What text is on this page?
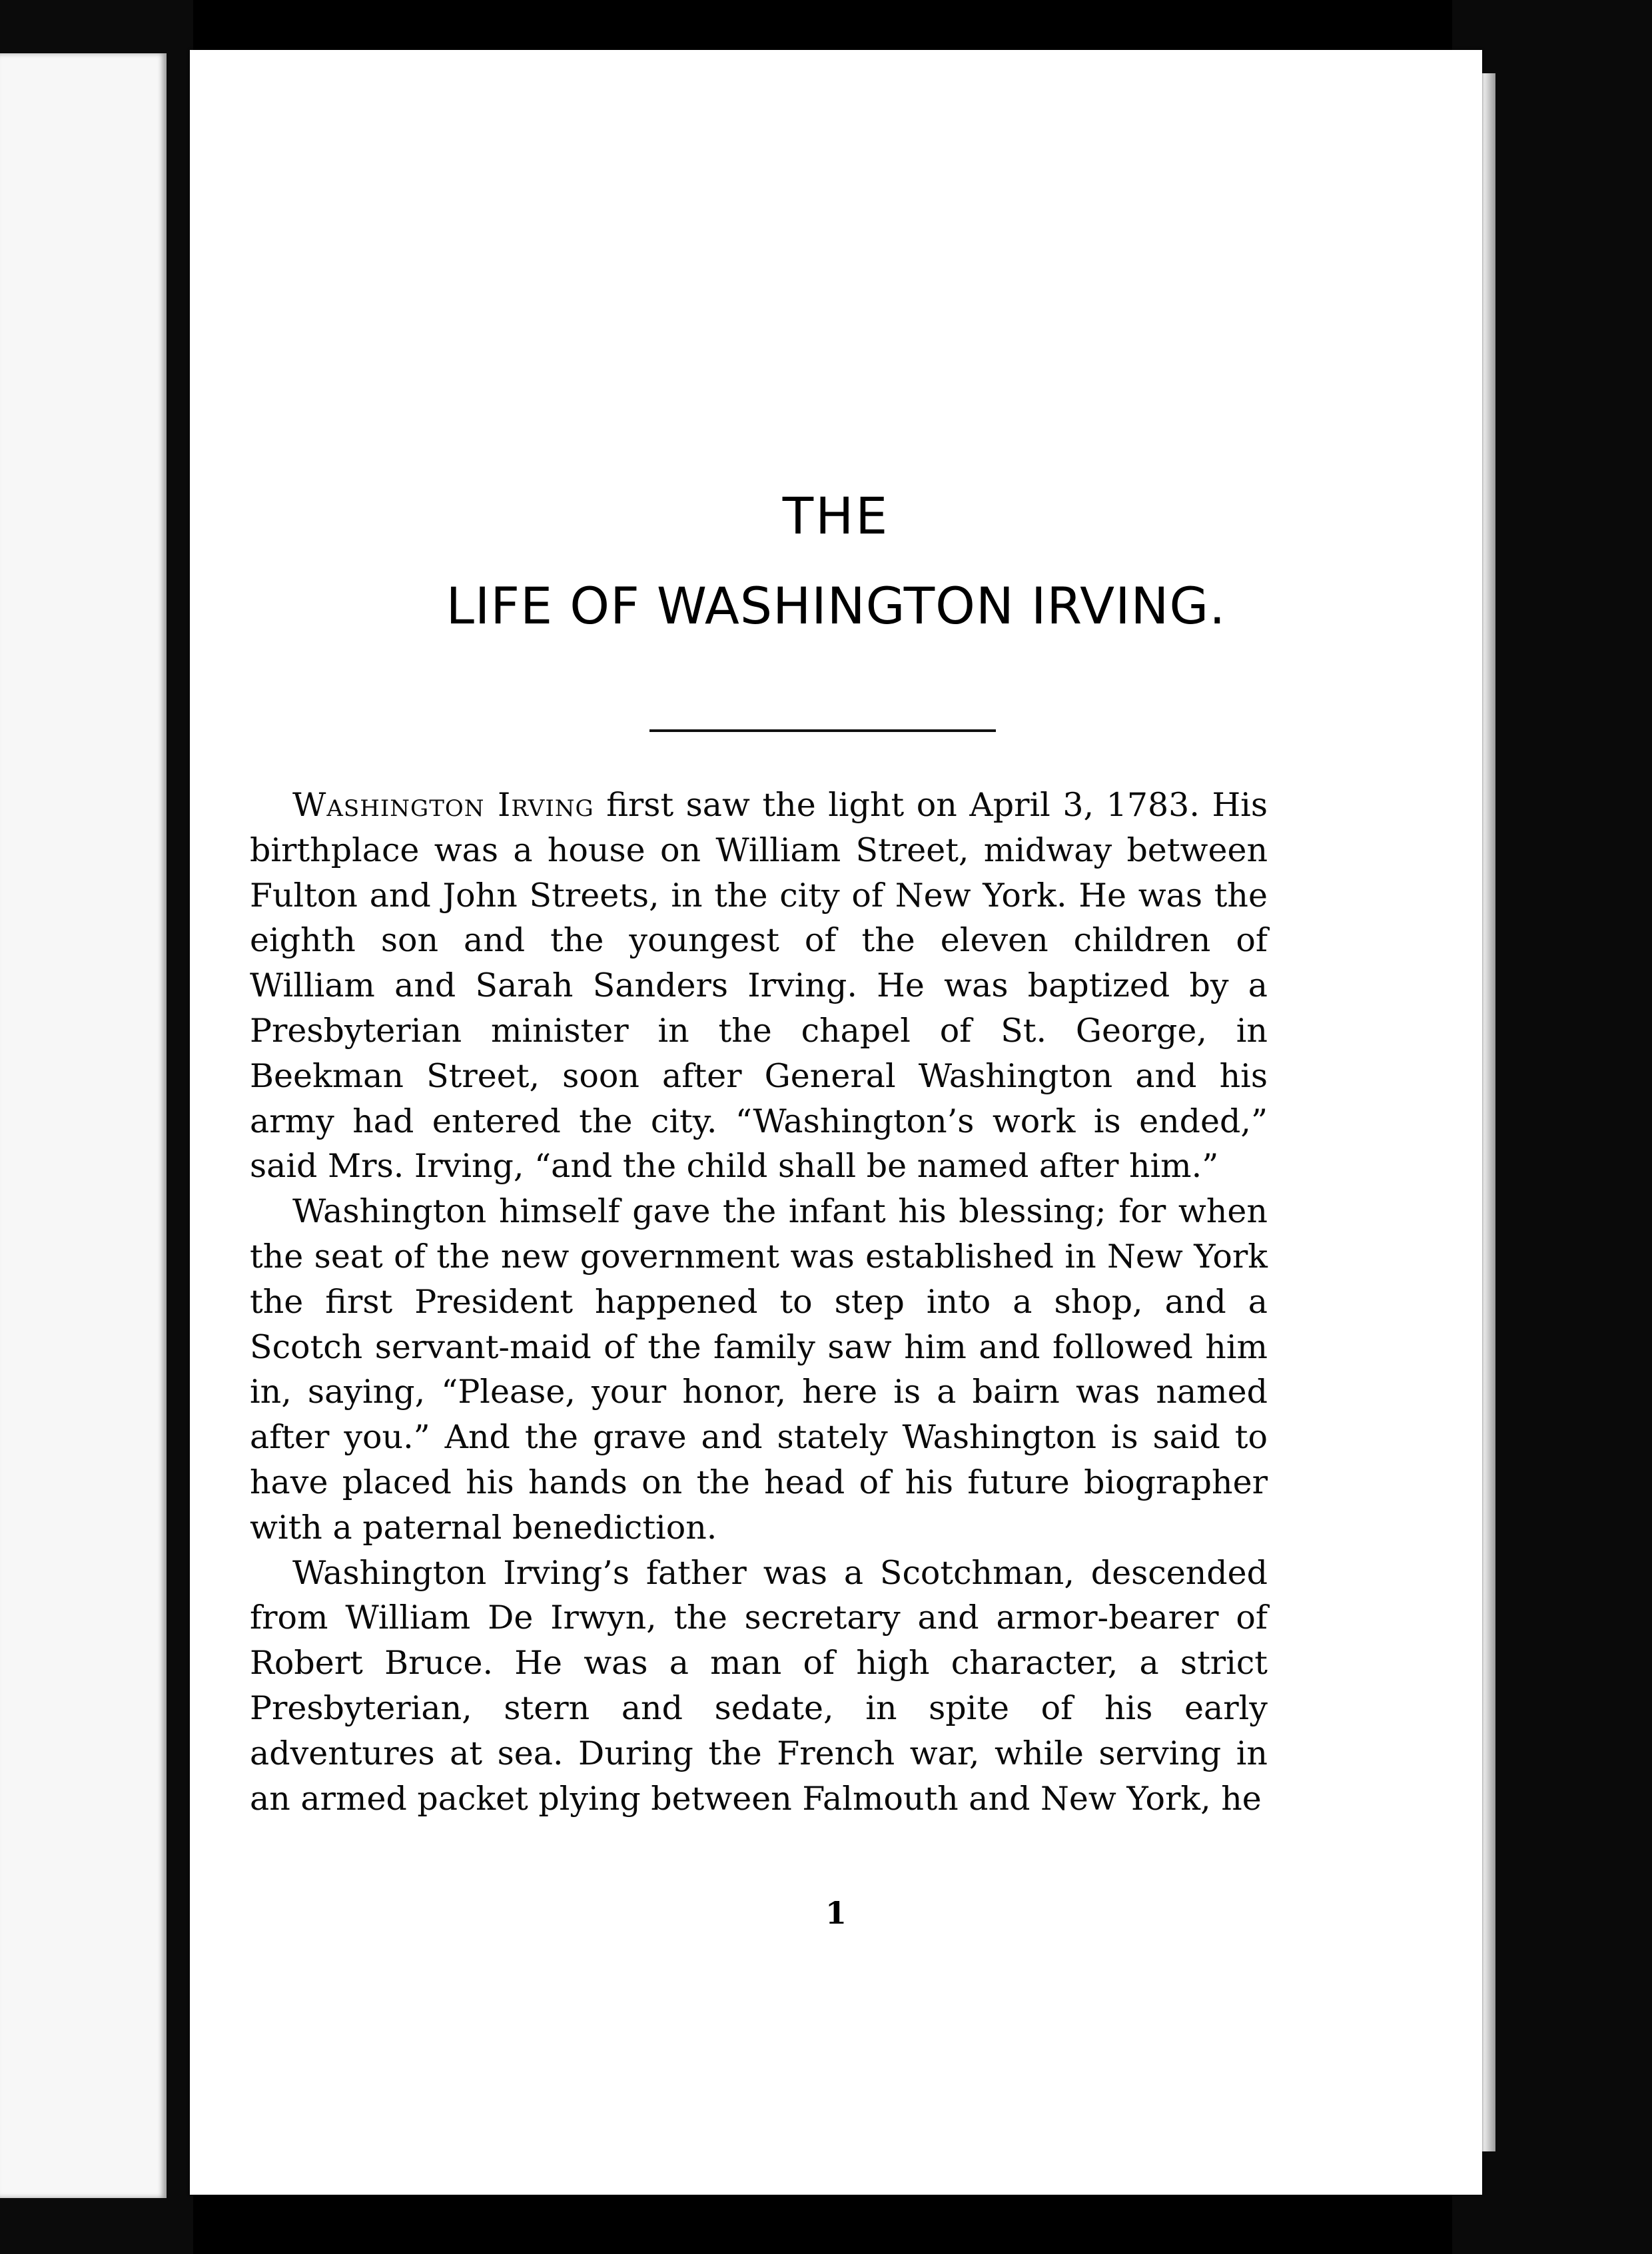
THE
LIFE OF WASHINGTON IRVING.

Washington Irving first saw the light on April 3, 1783. His birthplace was a house on William Street, midway between Fulton and John Streets, in the city of New York. He was the eighth son and the youngest of the eleven children of William and Sarah Sanders Irving. He was baptized by a Presbyterian minister in the chapel of St. George, in Beekman Street, soon after General Washington and his army had entered the city. “Washington’s work is ended,” said Mrs. Irving, “and the child shall be named after him.”

Washington himself gave the infant his blessing; for when the seat of the new government was established in New York the first President happened to step into a shop, and a Scotch servant-maid of the family saw him and followed him in, saying, “Please, your honor, here is a bairn was named after you.” And the grave and stately Washington is said to have placed his hands on the head of his future biographer with a paternal benediction.

Washington Irving’s father was a Scotchman, descended from William De Irwyn, the secretary and armor-bearer of Robert Bruce. He was a man of high character, a strict Presbyterian, stern and sedate, in spite of his early adventures at sea. During the French war, while serving in an armed packet plying between Falmouth and New York, he

1
